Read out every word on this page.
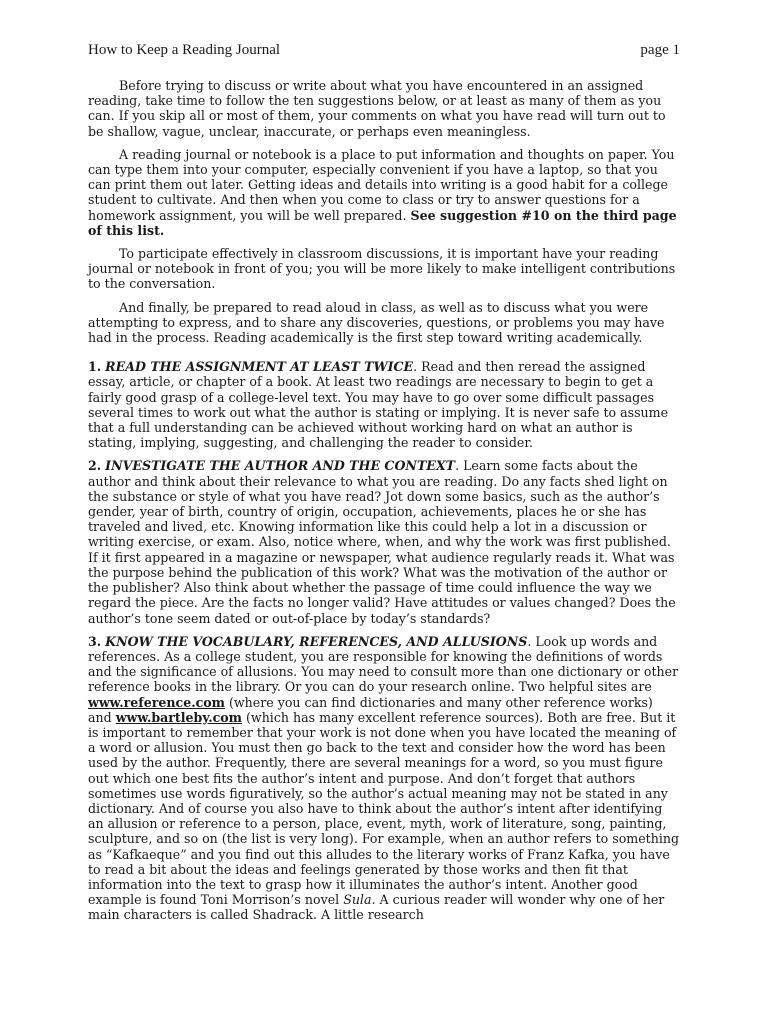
How to Keep a Reading Journal	page 1

Before trying to discuss or write about what you have encountered in an assigned reading, take time to follow the ten suggestions below, or at least as many of them as you can. If you skip all or most of them, your comments on what you have read will turn out to be shallow, vague, unclear, inaccurate, or perhaps even meaningless.

A reading journal or notebook is a place to put information and thoughts on paper. You can type them into your computer, especially convenient if you have a laptop, so that you can print them out later. Getting ideas and details into writing is a good habit for a college student to cultivate. And then when you come to class or try to answer questions for a homework assignment, you will be well prepared. See suggestion #10 on the third page of this list.

To participate effectively in classroom discussions, it is important have your reading journal or notebook in front of you; you will be more likely to make intelligent contributions to the conversation.

And finally, be prepared to read aloud in class, as well as to discuss what you were attempting to express, and to share any discoveries, questions, or problems you may have had in the process. Reading academically is the first step toward writing academically.

1. READ THE ASSIGNMENT AT LEAST TWICE. Read and then reread the assigned essay, article, or chapter of a book. At least two readings are necessary to begin to get a fairly good grasp of a college-level text. You may have to go over some difficult passages several times to work out what the author is stating or implying. It is never safe to assume that a full understanding can be achieved without working hard on what an author is stating, implying, suggesting, and challenging the reader to consider.

2. INVESTIGATE THE AUTHOR AND THE CONTEXT. Learn some facts about the author and think about their relevance to what you are reading. Do any facts shed light on the substance or style of what you have read? Jot down some basics, such as the author’s gender, year of birth, country of origin, occupation, achievements, places he or she has traveled and lived, etc. Knowing information like this could help a lot in a discussion or writing exercise, or exam. Also, notice where, when, and why the work was first published. If it first appeared in a magazine or newspaper, what audience regularly reads it. What was the purpose behind the publication of this work? What was the motivation of the author or the publisher? Also think about whether the passage of time could influence the way we regard the piece. Are the facts no longer valid? Have attitudes or values changed? Does the author’s tone seem dated or out-of-place by today’s standards?

3. KNOW THE VOCABULARY, REFERENCES, AND ALLUSIONS. Look up words and references. As a college student, you are responsible for knowing the definitions of words and the significance of allusions. You may need to consult more than one dictionary or other reference books in the library. Or you can do your research online. Two helpful sites are www.reference.com (where you can find dictionaries and many other reference works) and www.bartleby.com (which has many excellent reference sources). Both are free. But it is important to remember that your work is not done when you have located the meaning of a word or allusion. You must then go back to the text and consider how the word has been used by the author. Frequently, there are several meanings for a word, so you must figure out which one best fits the author’s intent and purpose. And don’t forget that authors sometimes use words figuratively, so the author’s actual meaning may not be stated in any dictionary. And of course you also have to think about the author’s intent after identifying an allusion or reference to a person, place, event, myth, work of literature, song, painting, sculpture, and so on (the list is very long). For example, when an author refers to something as “Kafkaeque” and you find out this alludes to the literary works of Franz Kafka, you have to read a bit about the ideas and feelings generated by those works and then fit that information into the text to grasp how it illuminates the author’s intent. Another good example is found Toni Morrison’s novel Sula. A curious reader will wonder why one of her main characters is called Shadrack. A little research
